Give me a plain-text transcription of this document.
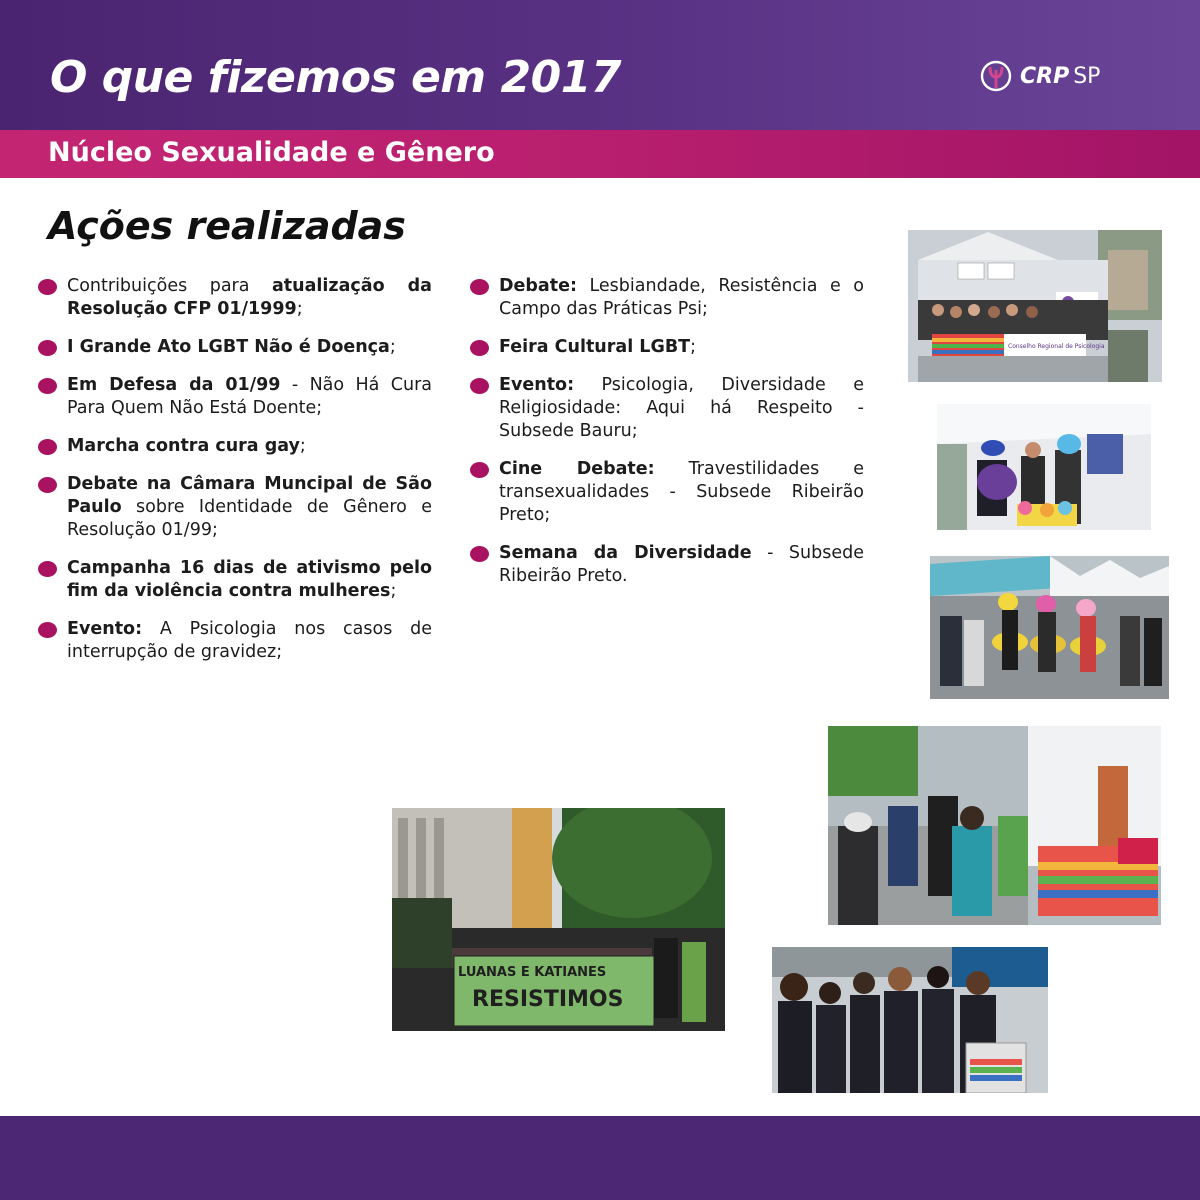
O que fizemos em 2017	CRP SP
Núcleo Sexualidade e Gênero
Ações realizadas
Contribuições para atualização da Resolução CFP 01/1999;
I Grande Ato LGBT Não é Doença;
Em Defesa da 01/99 - Não Há Cura Para Quem Não Está Doente;
Marcha contra cura gay;
Debate na Câmara Muncipal de São Paulo sobre Identidade de Gênero e Resolução 01/99;
Campanha 16 dias de ativismo pelo fim da violência contra mulheres;
Evento: A Psicologia nos casos de interrupção de gravidez;
Debate: Lesbiandade, Resistência e o Campo das Práticas Psi;
Feira Cultural LGBT;
Evento: Psicologia, Diversidade e Religiosidade: Aqui há Respeito - Subsede Bauru;
Cine Debate: Travestilidades e transexualidades - Subsede Ribeirão Preto;
Semana da Diversidade - Subsede Ribeirão Preto.
Conselho Regional de Psicologia
LUANAS E KATIANES
RESISTIMOS
